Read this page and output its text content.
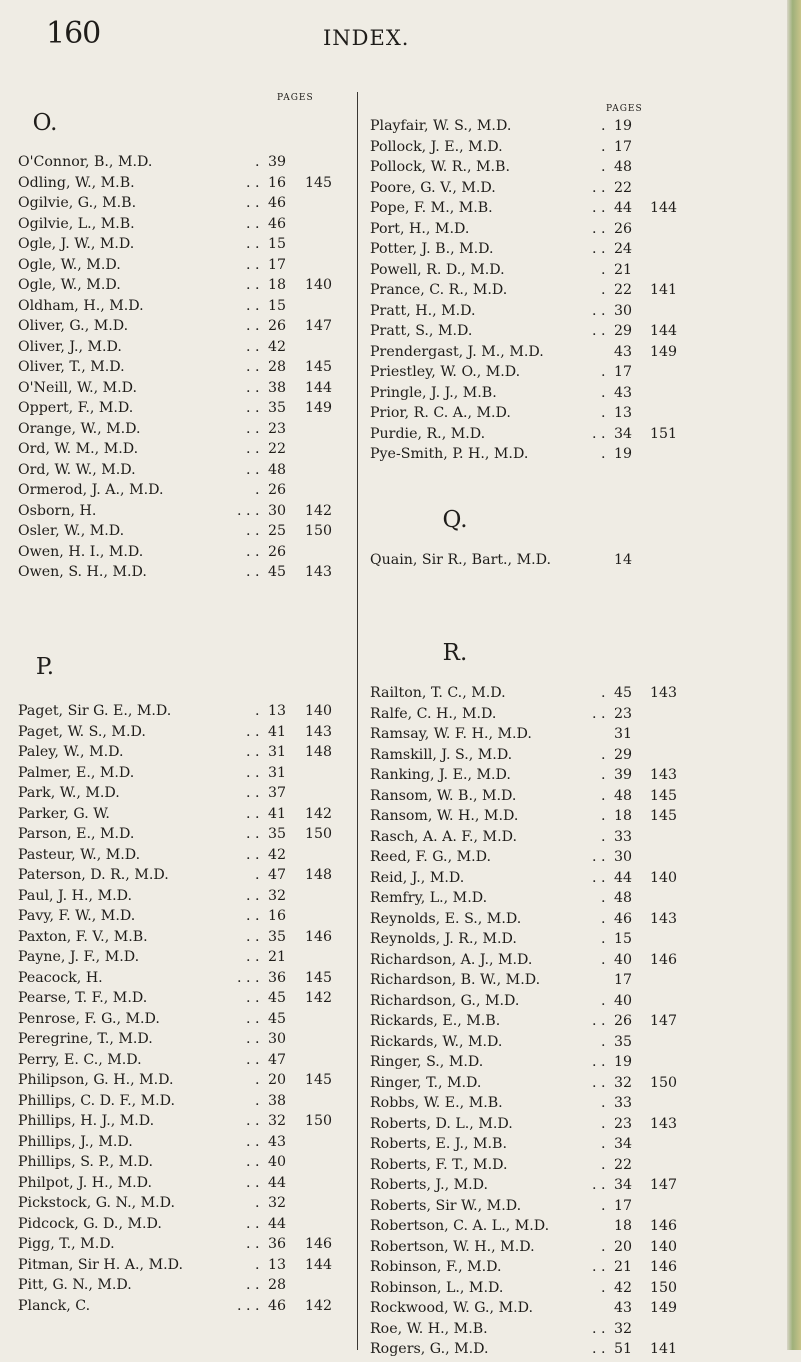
160	INDEX.
PAGES
O.
O'Connor, B., M.D.	. 39
Odling, W., M.B.	. . 16 145
Ogilvie, G., M.B.	. . 46
Ogilvie, L., M.B.	. . 46
Ogle, J. W., M.D.	. . 15
Ogle, W., M.D.	. . 17
Ogle, W., M.D.	. . 18 140
Oldham, H., M.D.	. . 15
Oliver, G., M.D.	. . 26 147
Oliver, J., M.D.	. . 42
Oliver, T., M.D.	. . 28 145
O'Neill, W., M.D.	. . 38 144
Oppert, F., M.D.	. . 35 149
Orange, W., M.D.	. . 23
Ord, W. M., M.D.	. . 22
Ord, W. W., M.D.	. . 48
Ormerod, J. A., M.D.	. 26
Osborn, H.	. . . 30 142
Osler, W., M.D.	. . 25 150
Owen, H. I., M.D.	. . 26
Owen, S. H., M.D.	. . 45 143
P.
Paget, Sir G. E., M.D.	. 13 140
Paget, W. S., M.D.	. . 41 143
Paley, W., M.D.	. . 31 148
Palmer, E., M.D.	. . 31
Park, W., M.D.	. . 37
Parker, G. W.	. . 41 142
Parson, E., M.D.	. . 35 150
Pasteur, W., M.D.	. . 42
Paterson, D. R., M.D.	. 47 148
Paul, J. H., M.D.	. . 32
Pavy, F. W., M.D.	. . 16
Paxton, F. V., M.B.	. . 35 146
Payne, J. F., M.D.	. . 21
Peacock, H.	. . . 36 145
Pearse, T. F., M.D.	. . 45 142
Penrose, F. G., M.D.	. . 45
Peregrine, T., M.D.	. . 30
Perry, E. C., M.D.	. . 47
Philipson, G. H., M.D.	. 20 145
Phillips, C. D. F., M.D.	. 38
Phillips, H. J., M.D.	. . 32 150
Phillips, J., M.D.	. . 43
Phillips, S. P., M.D.	. . 40
Philpot, J. H., M.D.	. . 44
Pickstock, G. N., M.D.	. 32
Pidcock, G. D., M.D.	. . 44
Pigg, T., M.D.	. . 36 146
Pitman, Sir H. A., M.D.	. 13 144
Pitt, G. N., M.D.	. . 28
Planck, C.	. . . 46 142
PAGES
Playfair, W. S., M.D.	. 19
Pollock, J. E., M.D.	. 17
Pollock, W. R., M.B.	. 48
Poore, G. V., M.D.	. . 22
Pope, F. M., M.B.	. . 44 144
Port, H., M.D.	. . 26
Potter, J. B., M.D.	. . 24
Powell, R. D., M.D.	. 21
Prance, C. R., M.D.	. 22 141
Pratt, H., M.D.	. . 30
Pratt, S., M.D.	. . 29 144
Prendergast, J. M., M.D.	43 149
Priestley, W. O., M.D.	. 17
Pringle, J. J., M.B.	. 43
Prior, R. C. A., M.D.	. 13
Purdie, R., M.D.	. . 34 151
Pye-Smith, P. H., M.D.	. 19
Q.
Quain, Sir R., Bart., M.D.	14
R.
Railton, T. C., M.D.	. 45 143
Ralfe, C. H., M.D.	. . 23
Ramsay, W. F. H., M.D.	31
Ramskill, J. S., M.D.	. 29
Ranking, J. E., M.D.	. 39 143
Ransom, W. B., M.D.	. 48 145
Ransom, W. H., M.D.	. 18 145
Rasch, A. A. F., M.D.	. 33
Reed, F. G., M.D.	. . 30
Reid, J., M.D.	. . 44 140
Remfry, L., M.D.	. 48
Reynolds, E. S., M.D.	. 46 143
Reynolds, J. R., M.D.	. 15
Richardson, A. J., M.D.	. 40 146
Richardson, B. W., M.D.	17
Richardson, G., M.D.	. 40
Rickards, E., M.B.	. . 26 147
Rickards, W., M.D.	. 35
Ringer, S., M.D.	. . 19
Ringer, T., M.D.	. . 32 150
Robbs, W. E., M.B.	. 33
Roberts, D. L., M.D.	. 23 143
Roberts, E. J., M.B.	. 34
Roberts, F. T., M.D.	. 22
Roberts, J., M.D.	. . 34 147
Roberts, Sir W., M.D.	. 17
Robertson, C. A. L., M.D.	18 146
Robertson, W. H., M.D.	. 20 140
Robinson, F., M.D.	. . 21 146
Robinson, L., M.D.	. 42 150
Rockwood, W. G., M.D.	43 149
Roe, W. H., M.B.	. . 32
Rogers, G., M.D.	. . 51 141
